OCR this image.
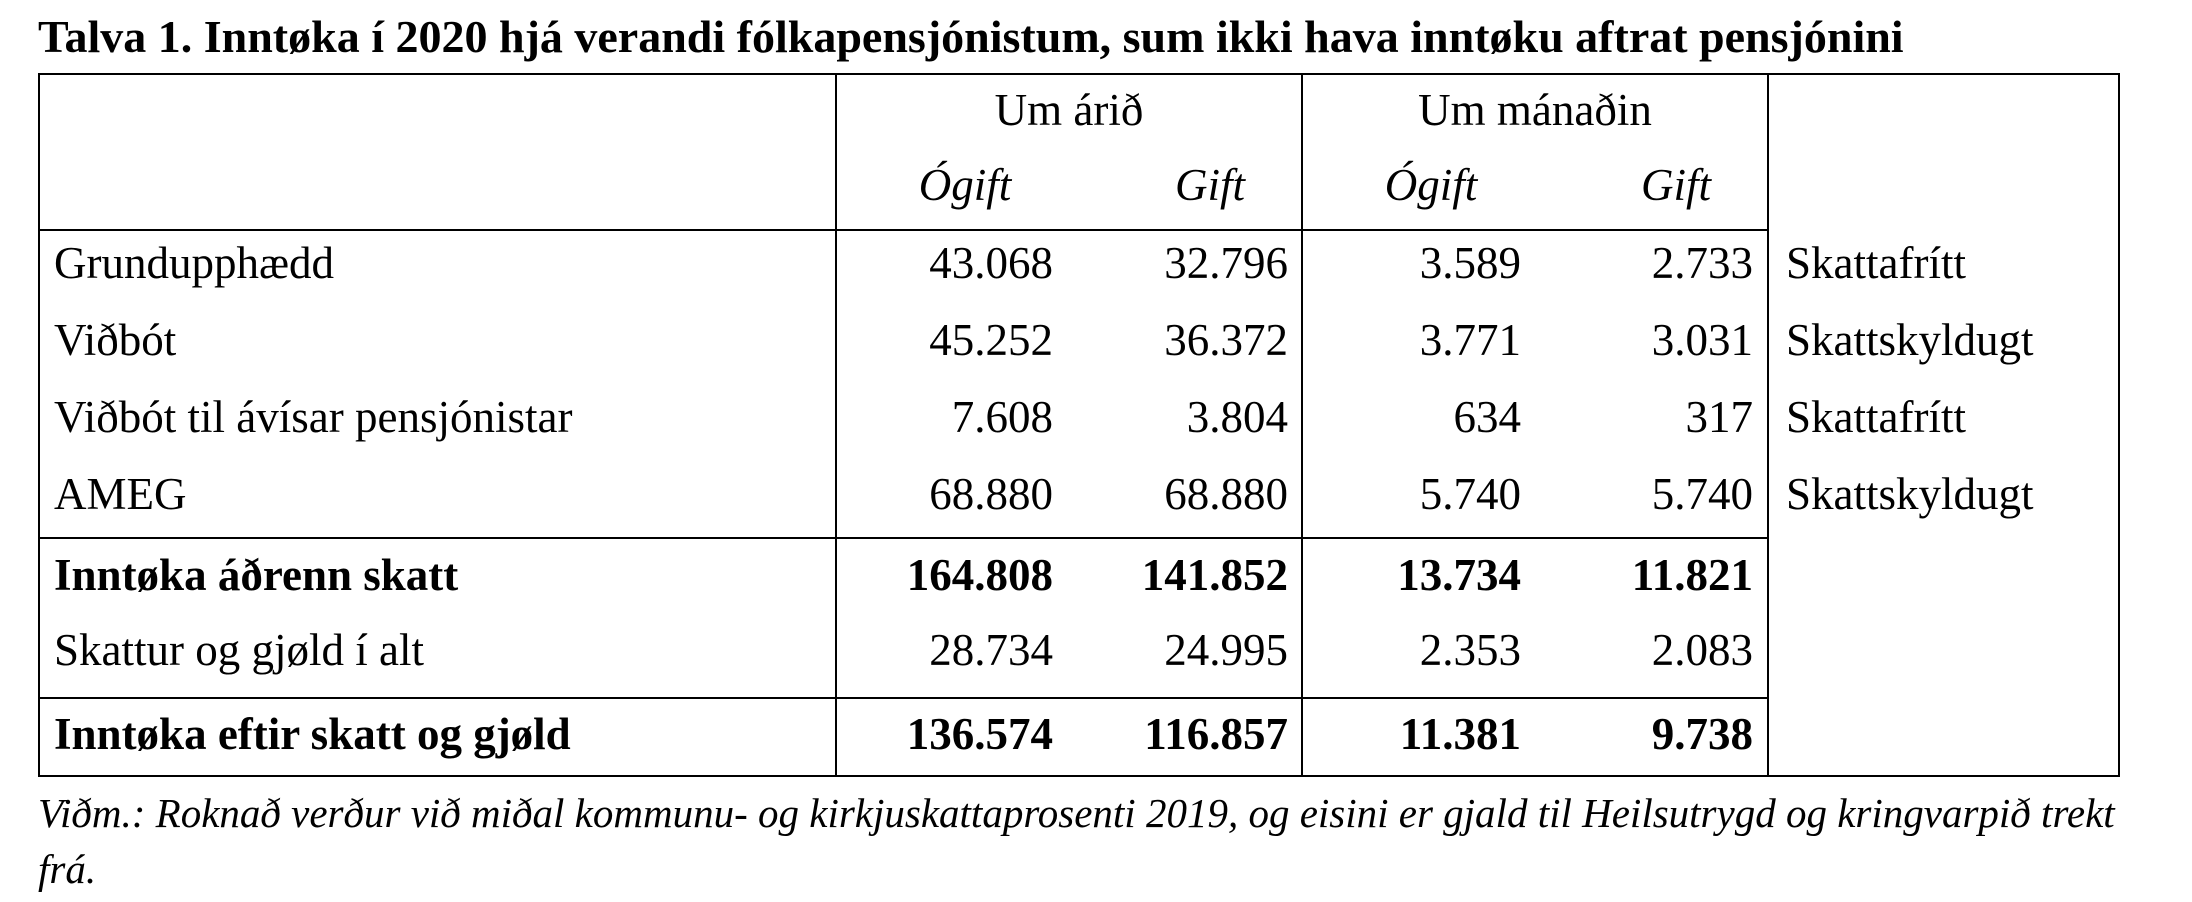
Talva 1. Inntøka í 2020 hjá verandi fólkapensjónistum, sum ikki hava inntøku aftrat pensjónini
Um árið	Um mánaðin
Ógift	Gift	Ógift	Gift
Grundupphædd	43.068	32.796	3.589	2.733 Skattafrítt
Viðbót	45.252	36.372	3.771	3.031 Skattskyldugt
Viðbót til ávísar pensjónistar	7.608	3.804	634	317 Skattafrítt
AMEG	68.880	68.880	5.740	5.740 Skattskyldugt
Inntøka áðrenn skatt	164.808	141.852	13.734	11.821
Skattur og gjøld í alt	28.734	24.995	2.353	2.083
Inntøka eftir skatt og gjøld	136.574	116.857	11.381	9.738
Viðm.: Roknað verður við miðal kommunu- og kirkjuskattaprosenti 2019, og eisini er gjald til Heilsutrygd og kringvarpið trekt frá.
